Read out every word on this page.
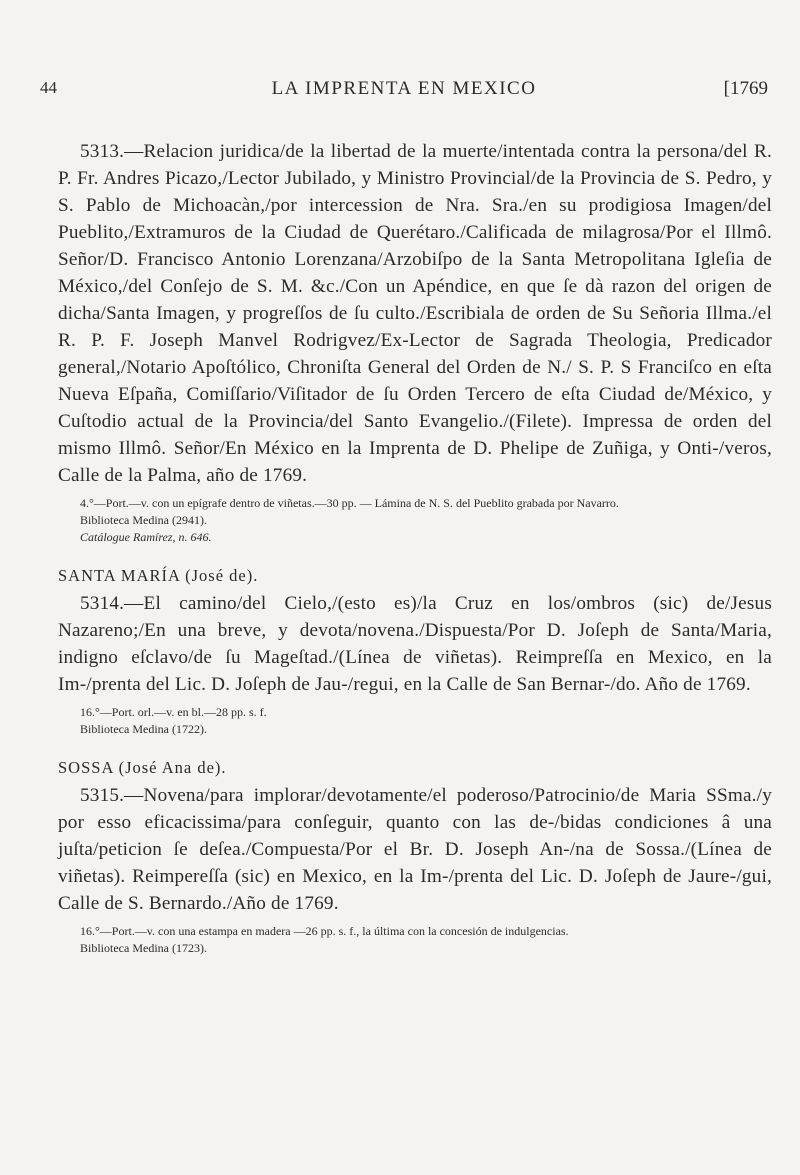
44	LA IMPRENTA EN MEXICO	[1769

5313.—Relacion juridica/de la libertad de la muerte/intentada contra la persona/del R. P. Fr. Andres Picazo,/Lector Jubilado, y Ministro Provincial/de la Provincia de S. Pedro, y S. Pablo de Michoacàn,/por intercession de Nra. Sra./en su prodigiosa Imagen/del Pueblito,/Extramuros de la Ciudad de Querétaro./Calificada de milagrosa/Por el Illmô. Señor/D. Francisco Antonio Lorenzana/Arzobiſpo de la Santa Metropolitana Igleſia de México,/del Conſejo de S. M. &c./Con un Apéndice, en que ſe dà razon del origen de dicha/Santa Imagen, y progreſſos de ſu culto./Escribiala de orden de Su Señoria Illma./el R. P. F. Joseph Manvel Rodrigvez/Ex-Lector de Sagrada Theologia, Predicador general,/Notario Apoſtólico, Chroniſta General del Orden de N./ S. P. S Franciſco en eſta Nueva Eſpaña, Comiſſario/Viſitador de ſu Orden Tercero de eſta Ciudad de/México, y Cuſtodio actual de la Provincia/del Santo Evangelio./(Filete). Impressa de orden del mismo Illmô. Señor/En México en la Imprenta de D. Phelipe de Zuñiga, y Onti-/veros, Calle de la Palma, año de 1769.

4.°—Port.—v. con un epígrafe dentro de viñetas.—30 pp. — Lámina de N. S. del Pueblito grabada por Navarro.

Biblioteca Medina (2941).

Catálogue Ramírez, n. 646.

SANTA MARÍA (José de).

5314.—El camino/del Cielo,/(esto es)/la Cruz en los/ombros (sic) de/Jesus Nazareno;/En una breve, y devota/novena./Dispuesta/Por D. Joſeph de Santa/Maria, indigno eſclavo/de ſu Mageſtad./(Línea de viñetas). Reimpreſſa en Mexico, en la Im-/prenta del Lic. D. Joſeph de Jau-/regui, en la Calle de San Bernar-/do. Año de 1769.

16.°—Port. orl.—v. en bl.—28 pp. s. f.

Biblioteca Medina (1722).

SOSSA (José Ana de).

5315.—Novena/para implorar/devotamente/el poderoso/Patrocinio/de Maria SSma./y por esso eficacissima/para conſeguir, quanto con las de-/bidas condiciones â una juſta/peticion ſe deſea./Compuesta/Por el Br. D. Joseph An-/na de Sossa./(Línea de viñetas). Reimpereſſa (sic) en Mexico, en la Im-/prenta del Lic. D. Joſeph de Jaure-/gui, Calle de S. Bernardo./Año de 1769.

16.°—Port.—v. con una estampa en madera —26 pp. s. f., la última con la concesión de indulgencias.

Biblioteca Medina (1723).
